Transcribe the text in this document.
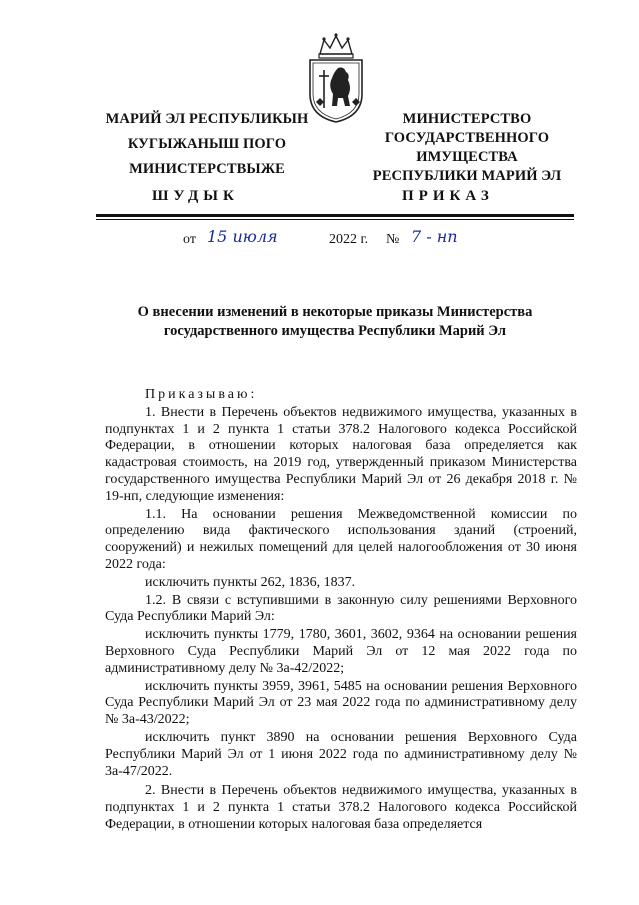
МАРИЙ ЭЛ РЕСПУБЛИКЫН
КУГЫЖАНЫШ ПОГО
МИНИСТЕРСТВЫЖЕ
МИНИСТЕРСТВО
ГОСУДАРСТВЕННОГО
ИМУЩЕСТВА
РЕСПУБЛИКИ МАРИЙ ЭЛ
ШУДЫК	ПРИКАЗ
от 15 июля	2022 г. № 7 - нп
О внесении изменений в некоторые приказы Министерства
государственного имущества Республики Марий Эл

Приказываю:

1. Внести в Перечень объектов недвижимого имущества, указанных в подпунктах 1 и 2 пункта 1 статьи 378.2 Налогового кодекса Российской Федерации, в отношении которых налоговая база определяется как кадастровая стоимость, на 2019 год, утвержденный приказом Министерства государственного имущества Республики Марий Эл от 26 декабря 2018 г. № 19-нп, следующие изменения:

1.1. На основании решения Межведомственной комиссии по определению вида фактического использования зданий (строений, сооружений) и нежилых помещений для целей налогообложения от 30 июня 2022 года:

исключить пункты 262, 1836, 1837.

1.2. В связи с вступившими в законную силу решениями Верховного Суда Республики Марий Эл:

исключить пункты 1779, 1780, 3601, 3602, 9364 на основании решения Верховного Суда Республики Марий Эл от 12 мая 2022 года по административному делу № 3а-42/2022;

исключить пункты 3959, 3961, 5485 на основании решения Верховного Суда Республики Марий Эл от 23 мая 2022 года по административному делу № 3а-43/2022;

исключить пункт 3890 на основании решения Верховного Суда Республики Марий Эл от 1 июня 2022 года по административному делу № 3а-47/2022.

2. Внести в Перечень объектов недвижимого имущества, указанных в подпунктах 1 и 2 пункта 1 статьи 378.2 Налогового кодекса Российской Федерации, в отношении которых налоговая база определяется
